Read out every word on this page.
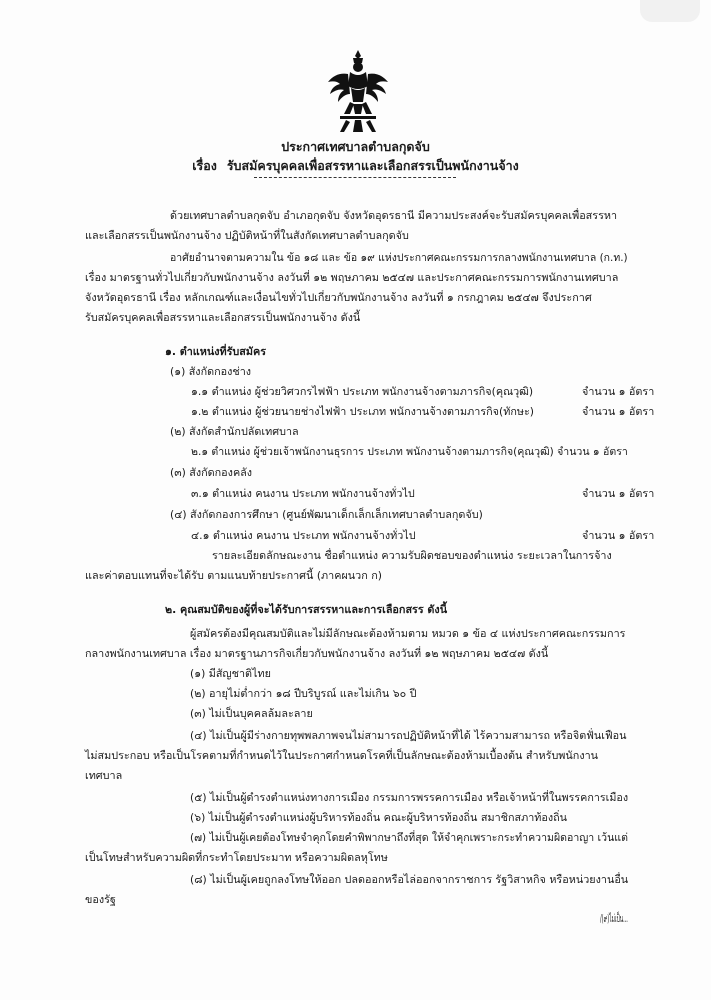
ประกาศเทศบาลตำบลกุดจับ
เรื่อง รับสมัครบุคคลเพื่อสรรหาและเลือกสรรเป็นพนักงานจ้าง
ด้วยเทศบาลตำบลกุดจับ อำเภอกุดจับ จังหวัดอุดรธานี มีความประสงค์จะรับสมัครบุคคลเพื่อสรรหา
และเลือกสรรเป็นพนักงานจ้าง ปฏิบัติหน้าที่ในสังกัดเทศบาลตำบลกุดจับ
อาศัยอำนาจตามความใน ข้อ ๑๘ และ ข้อ ๑๙ แห่งประกาศคณะกรรมการกลางพนักงานเทศบาล (ก.ท.)
เรื่อง มาตรฐานทั่วไปเกี่ยวกับพนักงานจ้าง ลงวันที่ ๑๒ พฤษภาคม ๒๕๔๗ และประกาศคณะกรรมการพนักงานเทศบาล
จังหวัดอุดรธานี เรื่อง หลักเกณฑ์และเงื่อนไขทั่วไปเกี่ยวกับพนักงานจ้าง ลงวันที่ ๑ กรกฎาคม ๒๕๔๗ จึงประกาศ
รับสมัครบุคคลเพื่อสรรหาและเลือกสรรเป็นพนักงานจ้าง ดังนี้
๑. ตำแหน่งที่รับสมัคร
(๑) สังกัดกองช่าง
๑.๑ ตำแหน่ง ผู้ช่วยวิศวกรไฟฟ้า ประเภท พนักงานจ้างตามภารกิจ(คุณวุฒิ)	จำนวน ๑ อัตรา
๑.๒ ตำแหน่ง ผู้ช่วยนายช่างไฟฟ้า ประเภท พนักงานจ้างตามภารกิจ(ทักษะ)	จำนวน ๑ อัตรา
(๒) สังกัดสำนักปลัดเทศบาล
๒.๑ ตำแหน่ง ผู้ช่วยเจ้าพนักงานธุรการ ประเภท พนักงานจ้างตามภารกิจ(คุณวุฒิ) จำนวน ๑ อัตรา
(๓) สังกัดกองคลัง
๓.๑ ตำแหน่ง คนงาน ประเภท พนักงานจ้างทั่วไป	จำนวน ๑ อัตรา
(๔) สังกัดกองการศึกษา (ศูนย์พัฒนาเด็กเล็กเล็กเทศบาลตำบลกุดจับ)
๔.๑ ตำแหน่ง คนงาน ประเภท พนักงานจ้างทั่วไป	จำนวน ๑ อัตรา
รายละเอียดลักษณะงาน ชื่อตำแหน่ง ความรับผิดชอบของตำแหน่ง ระยะเวลาในการจ้าง
และค่าตอบแทนที่จะได้รับ ตามแนบท้ายประกาศนี้ (ภาคผนวก ก)
๒. คุณสมบัติของผู้ที่จะได้รับการสรรหาและการเลือกสรร ดังนี้
ผู้สมัครต้องมีคุณสมบัติและไม่มีลักษณะต้องห้ามตาม หมวด ๑ ข้อ ๔ แห่งประกาศคณะกรรมการ
กลางพนักงานเทศบาล เรื่อง มาตรฐานภารกิจเกี่ยวกับพนักงานจ้าง ลงวันที่ ๑๒ พฤษภาคม ๒๕๔๗ ดังนี้
(๑) มีสัญชาติไทย
(๒) อายุไม่ต่ำกว่า ๑๘ ปีบริบูรณ์ และไม่เกิน ๖๐ ปี
(๓) ไม่เป็นบุคคลล้มละลาย
(๔) ไม่เป็นผู้มีร่างกายทุพพลภาพจนไม่สามารถปฏิบัติหน้าที่ได้ ไร้ความสามารถ หรือจิตฟั่นเฟือน
ไม่สมประกอบ หรือเป็นโรคตามที่กำหนดไว้ในประกาศกำหนดโรคที่เป็นลักษณะต้องห้ามเบื้องต้น สำหรับพนักงาน
เทศบาล
(๕) ไม่เป็นผู้ดำรงตำแหน่งทางการเมือง กรรมการพรรคการเมือง หรือเจ้าหน้าที่ในพรรคการเมือง
(๖) ไม่เป็นผู้ดำรงตำแหน่งผู้บริหารท้องถิ่น คณะผู้บริหารท้องถิ่น สมาชิกสภาท้องถิ่น
(๗) ไม่เป็นผู้เคยต้องโทษจำคุกโดยคำพิพากษาถึงที่สุด ให้จำคุกเพราะกระทำความผิดอาญา เว้นแต่
เป็นโทษสำหรับความผิดที่กระทำโดยประมาท หรือความผิดลหุโทษ
(๘) ไม่เป็นผู้เคยถูกลงโทษให้ออก ปลดออกหรือไล่ออกจากราชการ รัฐวิสาหกิจ หรือหน่วยงานอื่น
ของรัฐ
/(๙)ไม่เป็น...
